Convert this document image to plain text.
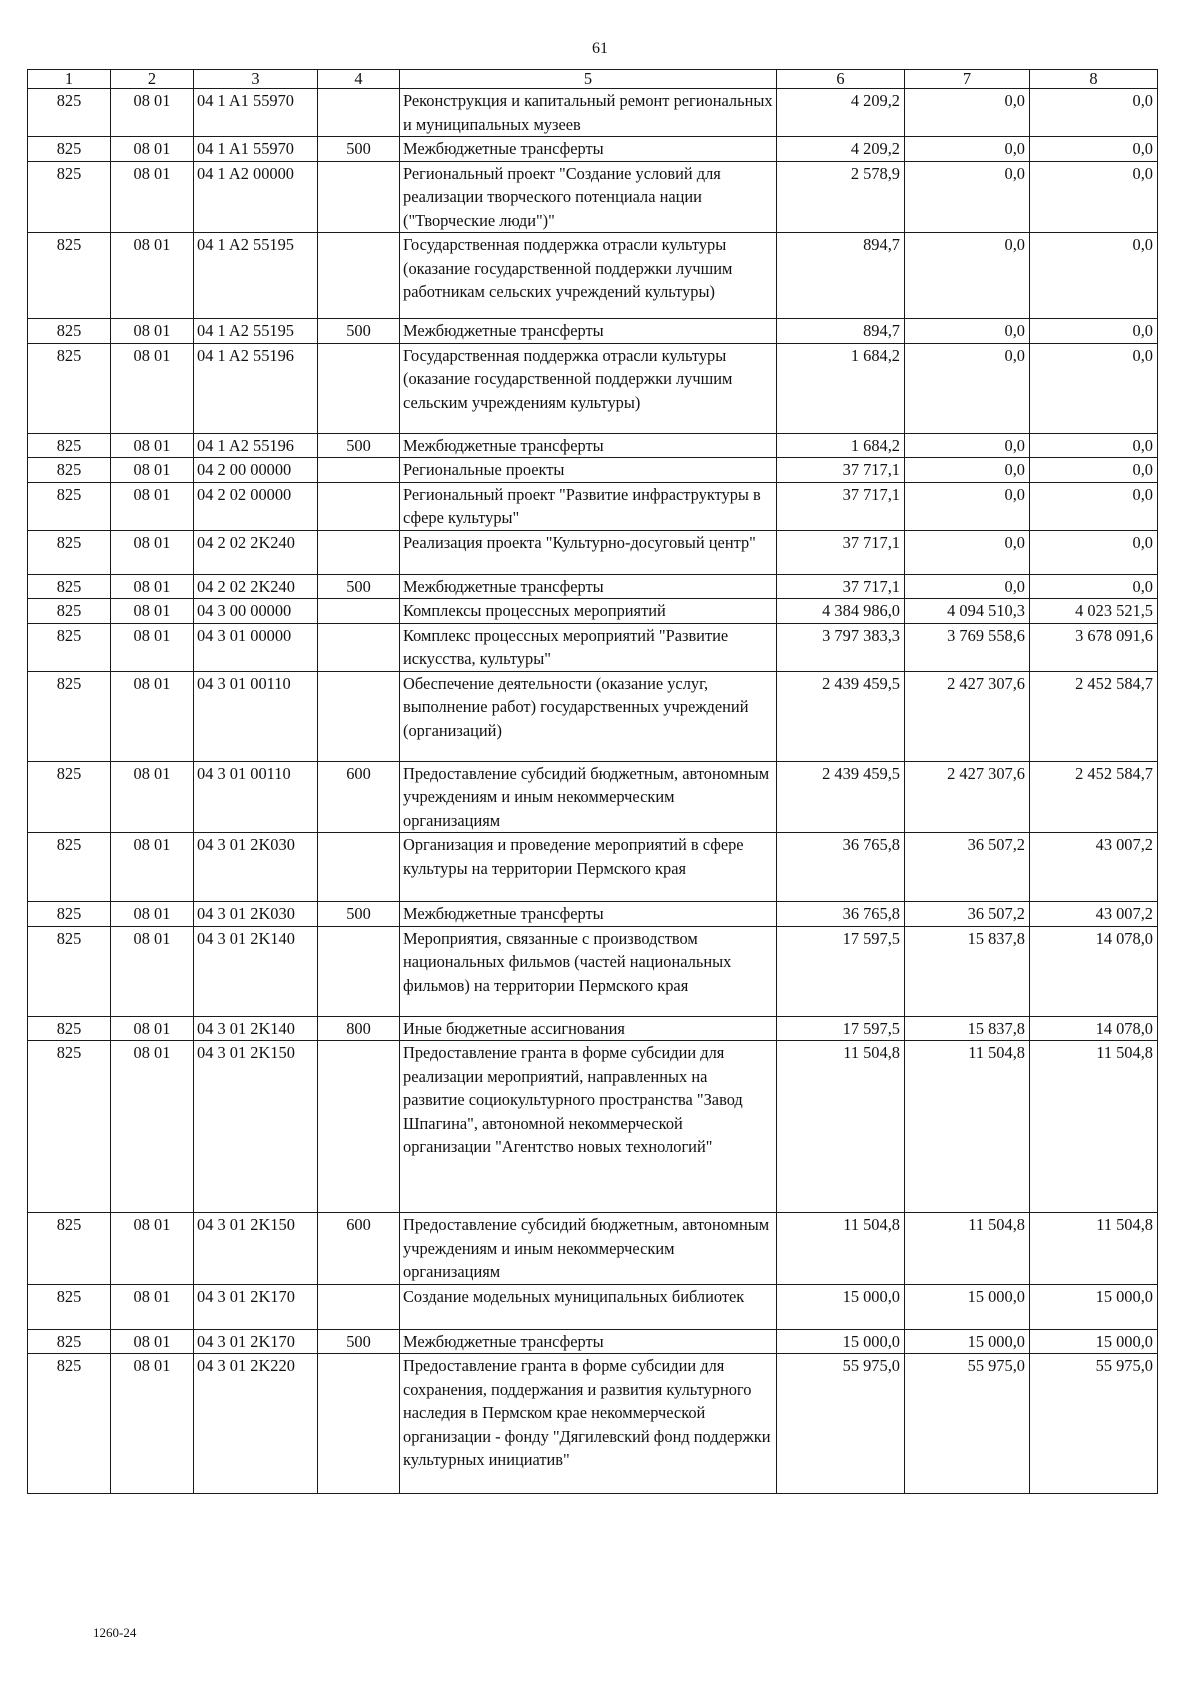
61
1	2	3	4	5	6	7	8
825	08 01	04 1 A1 55970		Реконструкция и капитальный ремонт региональных и муниципальных музеев	4 209,2	0,0	0,0
825	08 01	04 1 A1 55970	500	Межбюджетные трансферты	4 209,2	0,0	0,0
825	08 01	04 1 A2 00000		Региональный проект "Создание условий для реализации творческого потенциала нации ("Творческие люди")"	2 578,9	0,0	0,0
825	08 01	04 1 A2 55195		Государственная поддержка отрасли культуры (оказание государственной поддержки лучшим работникам сельских учреждений культуры)	894,7	0,0	0,0
825	08 01	04 1 A2 55195	500	Межбюджетные трансферты	894,7	0,0	0,0
825	08 01	04 1 A2 55196		Государственная поддержка отрасли культуры (оказание государственной поддержки лучшим сельским учреждениям культуры)	1 684,2	0,0	0,0
825	08 01	04 1 A2 55196	500	Межбюджетные трансферты	1 684,2	0,0	0,0
825	08 01	04 2 00 00000		Региональные проекты	37 717,1	0,0	0,0
825	08 01	04 2 02 00000		Региональный проект "Развитие инфраструктуры в сфере культуры"	37 717,1	0,0	0,0
825	08 01	04 2 02 2K240		Реализация проекта "Культурно-досуговый центр"	37 717,1	0,0	0,0
825	08 01	04 2 02 2K240	500	Межбюджетные трансферты	37 717,1	0,0	0,0
825	08 01	04 3 00 00000		Комплексы процессных мероприятий	4 384 986,0	4 094 510,3	4 023 521,5
825	08 01	04 3 01 00000		Комплекс процессных мероприятий "Развитие искусства, культуры"	3 797 383,3	3 769 558,6	3 678 091,6
825	08 01	04 3 01 00110		Обеспечение деятельности (оказание услуг, выполнение работ) государственных учреждений (организаций)	2 439 459,5	2 427 307,6	2 452 584,7
825	08 01	04 3 01 00110	600	Предоставление субсидий бюджетным, автономным учреждениям и иным некоммерческим организациям	2 439 459,5	2 427 307,6	2 452 584,7
825	08 01	04 3 01 2K030		Организация и проведение мероприятий в сфере культуры на территории Пермского края	36 765,8	36 507,2	43 007,2
825	08 01	04 3 01 2K030	500	Межбюджетные трансферты	36 765,8	36 507,2	43 007,2
825	08 01	04 3 01 2K140		Мероприятия, связанные с производством национальных фильмов (частей национальных фильмов) на территории Пермского края	17 597,5	15 837,8	14 078,0
825	08 01	04 3 01 2K140	800	Иные бюджетные ассигнования	17 597,5	15 837,8	14 078,0
825	08 01	04 3 01 2K150		Предоставление гранта в форме субсидии для реализации мероприятий, направленных на развитие социокультурного пространства "Завод Шпагина", автономной некоммерческой организации "Агентство новых технологий"	11 504,8	11 504,8	11 504,8
825	08 01	04 3 01 2K150	600	Предоставление субсидий бюджетным, автономным учреждениям и иным некоммерческим организациям	11 504,8	11 504,8	11 504,8
825	08 01	04 3 01 2K170		Создание модельных муниципальных библиотек	15 000,0	15 000,0	15 000,0
825	08 01	04 3 01 2K170	500	Межбюджетные трансферты	15 000,0	15 000,0	15 000,0
825	08 01	04 3 01 2K220		Предоставление гранта в форме субсидии для сохранения, поддержания и развития культурного наследия в Пермском крае некоммерческой организации - фонду "Дягилевский фонд поддержки культурных инициатив"	55 975,0	55 975,0	55 975,0
1260-24
